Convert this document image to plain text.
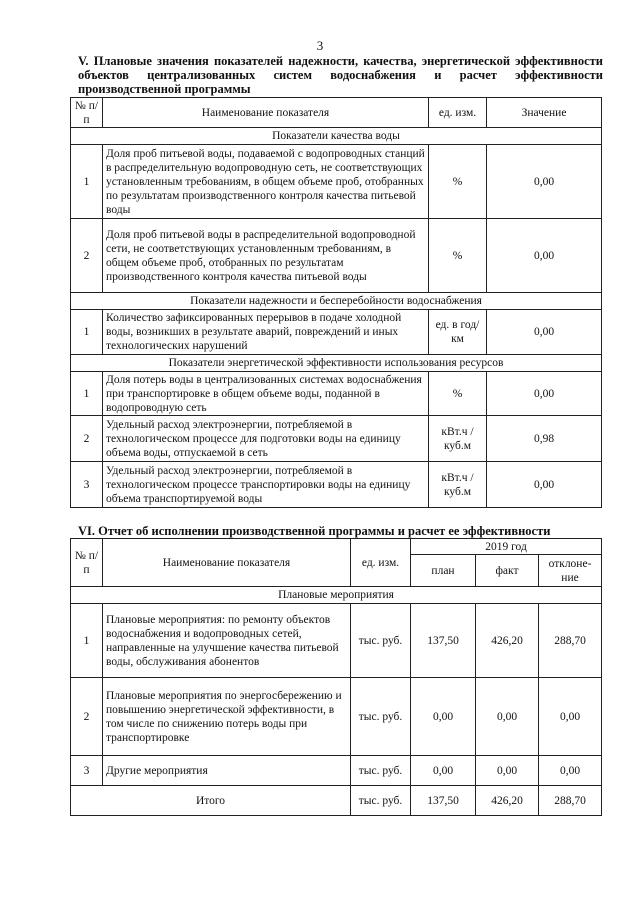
3
V. Плановые значения показателей надежности, качества, энергетической эффективности объектов централизованных систем водоснабжения и расчет эффективности производственной программы
№ п/п	Наименование показателя	ед. изм.	Значение
Показатели качества воды			
1	Доля проб питьевой воды, подаваемой с водопроводных станций в распределительную водопроводную сеть, не соответствующих установленным требованиям, в общем объеме проб, отобранных по результатам производственного контроля качества питьевой воды	%	0,00
2	Доля проб питьевой воды в распределительной водопроводной сети, не соответствующих установленным требованиям, в общем объеме проб, отобранных по результатам производственного контроля качества питьевой воды	%	0,00
Показатели надежности и бесперебойности водоснабжения			
1	Количество зафиксированных перерывов в подаче холодной воды, возникших в результате аварий, повреждений и иных технологических нарушений	ед. в год/ км	0,00
Показатели энергетической эффективности использования ресурсов			
1	Доля потерь воды в централизованных системах водоснабжения при транспортировке в общем объеме воды, поданной в водопроводную сеть	%	0,00
2	Удельный расход электроэнергии, потребляемой в технологическом процессе для подготовки воды на единицу объема воды, отпускаемой в сеть	кВт.ч / куб.м	0,98
3	Удельный расход электроэнергии, потребляемой в технологическом процессе транспортировки воды на единицу объема транспортируемой воды	кВт.ч / куб.м	0,00
VI. Отчет об исполнении производственной программы и расчет ее эффективности
№ п/п	Наименование показателя	ед. изм.	2019 год		
			план	факт	отклоне-ние
Плановые мероприятия					
1	Плановые мероприятия: по ремонту объектов водоснабжения и водопроводных сетей, направленные на улучшение качества питьевой воды, обслуживания абонентов	тыс. руб.	137,50	426,20	288,70
2	Плановые мероприятия по энергосбережению и повышению энергетической эффективности, в том числе по снижению потерь воды при транспортировке	тыс. руб.	0,00	0,00	0,00
3	Другие мероприятия	тыс. руб.	0,00	0,00	0,00
Итого		тыс. руб.	137,50	426,20	288,70
